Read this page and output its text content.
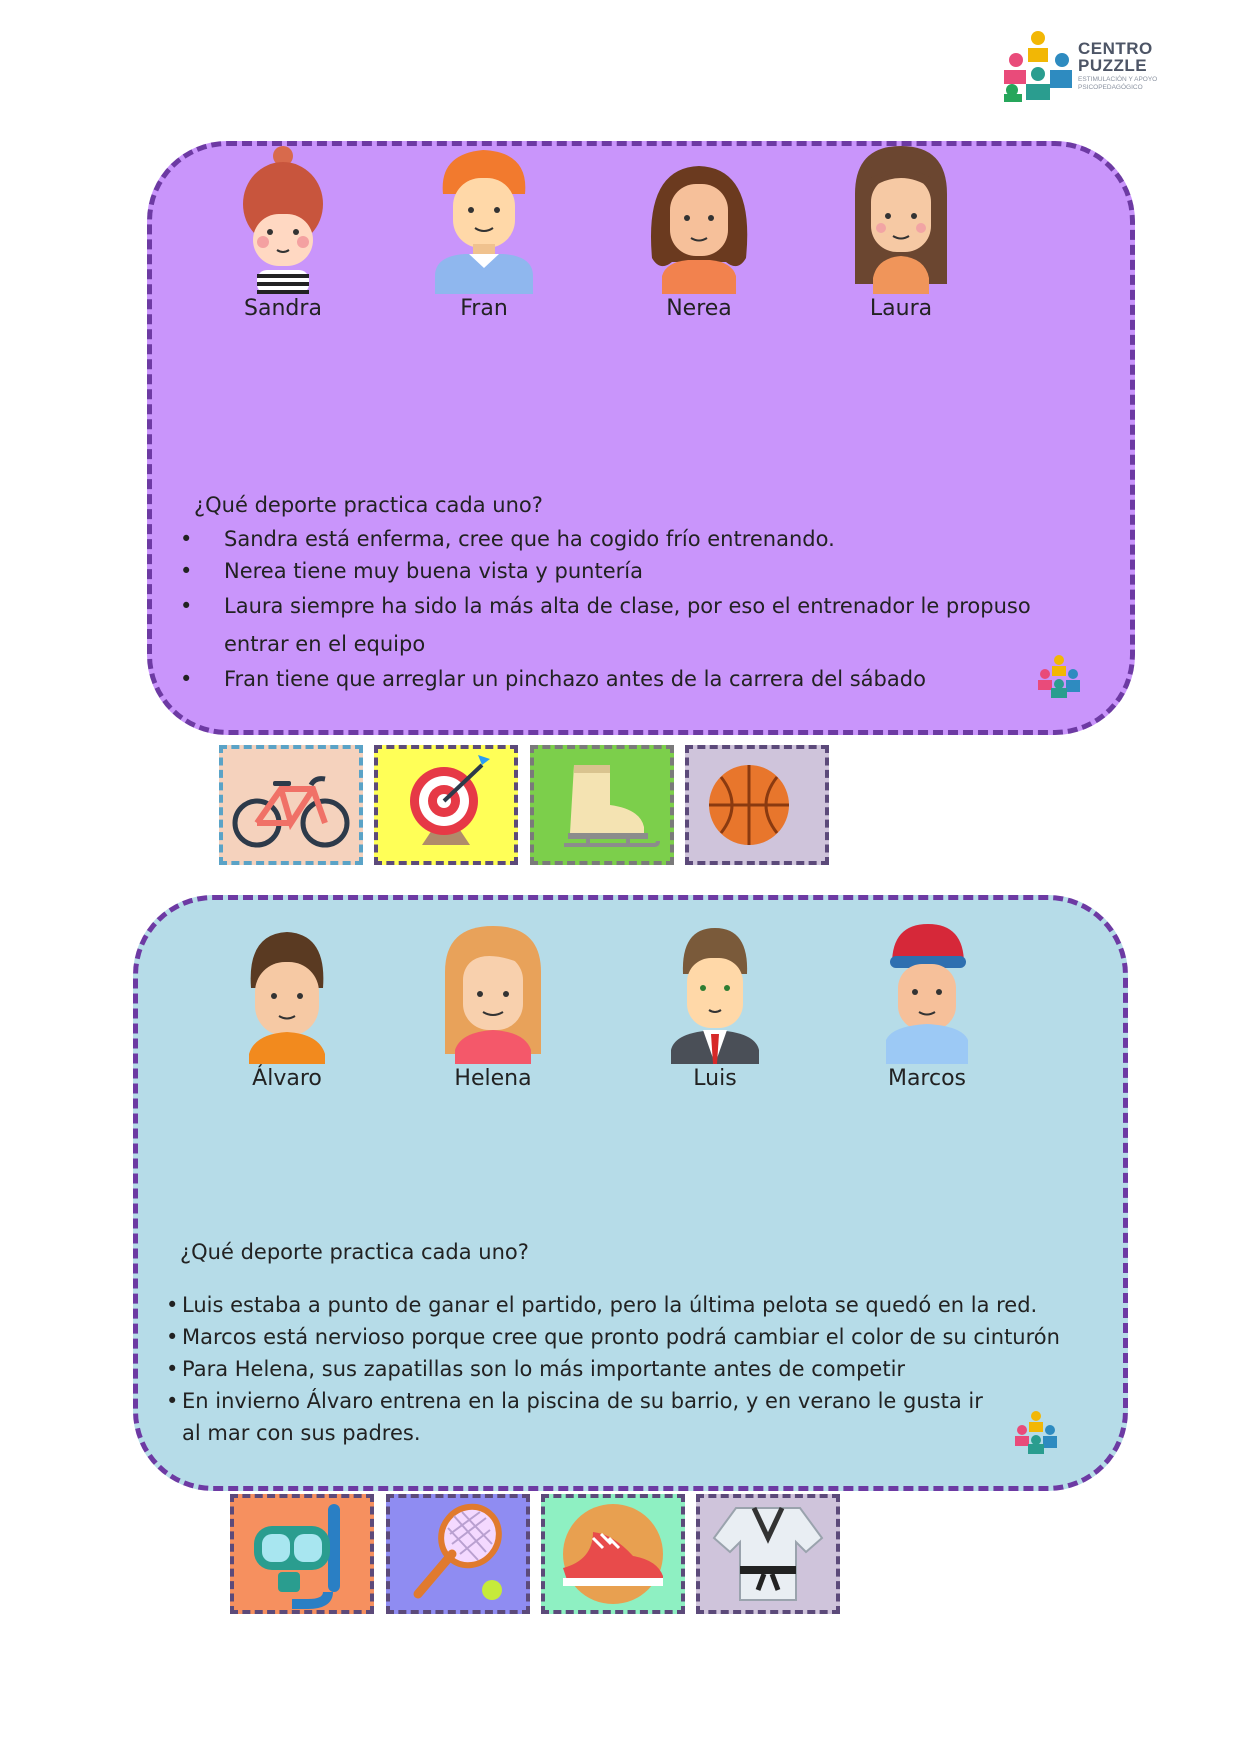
CENTRO
PUZZLE
ESTIMULACIÓN Y APOYO PSICOPEDAGÓGICO
Sandra	Fran	Nerea	Laura
¿Qué deporte practica cada uno?
• Sandra está enferma, cree que ha cogido frío entrenando.
• Nerea tiene muy buena vista y puntería
• Laura siempre ha sido la más alta de clase, por eso el entrenador le propuso entrar en el equipo
• Fran tiene que arreglar un pinchazo antes de la carrera del sábado
Álvaro	Helena	Luis	Marcos
¿Qué deporte practica cada uno?
• Luis estaba a punto de ganar el partido, pero la última pelota se quedó en la red.
• Marcos está nervioso porque cree que pronto podrá cambiar el color de su cinturón
• Para Helena, sus zapatillas son lo más importante antes de competir
• En invierno Álvaro entrena en la piscina de su barrio, y en verano le gusta ir al mar con sus padres.
